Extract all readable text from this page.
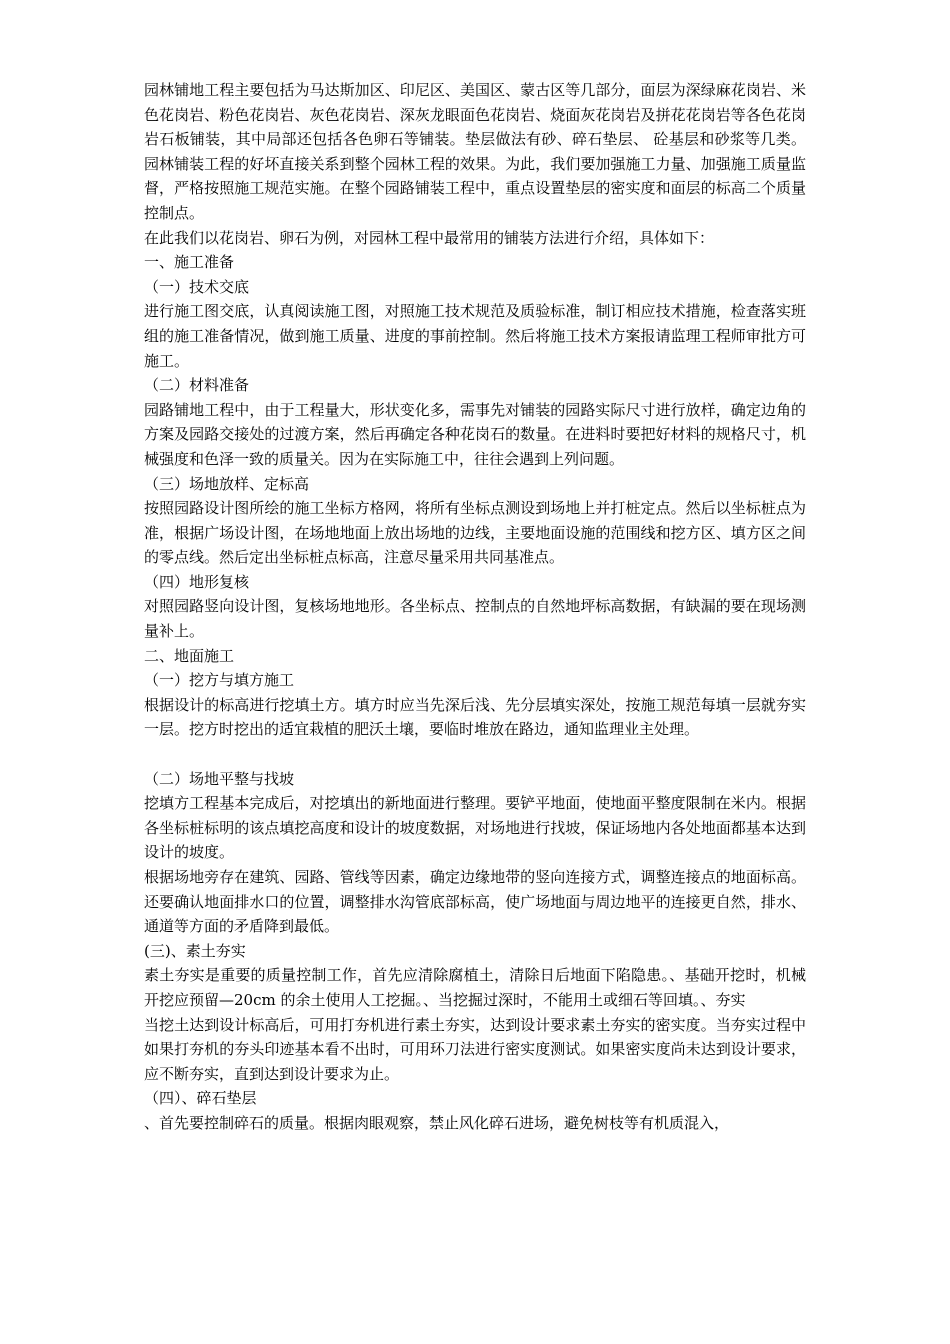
园林铺地工程主要包括为马达斯加区、印尼区、美国区、蒙古区等几部分，面层为深绿麻花岗岩、米色花岗岩、粉色花岗岩、灰色花岗岩、深灰龙眼面色花岗岩、烧面灰花岗岩及拼花花岗岩等各色花岗岩石板铺装，其中局部还包括各色卵石等铺装。垫层做法有砂、碎石垫层、 砼基层和砂浆等几类。园林铺装工程的好坏直接关系到整个园林工程的效果。为此，我们要加强施工力量、加强施工质量监督，严格按照施工规范实施。在整个园路铺装工程中，重点设置垫层的密实度和面层的标高二个质量控制点。

在此我们以花岗岩、卵石为例，对园林工程中最常用的铺装方法进行介绍，具体如下：

一、施工准备

（一）技术交底

进行施工图交底，认真阅读施工图，对照施工技术规范及质验标准，制订相应技术措施，检查落实班组的施工准备情况，做到施工质量、进度的事前控制。然后将施工技术方案报请监理工程师审批方可施工。

（二）材料准备

园路铺地工程中，由于工程量大，形状变化多，需事先对铺装的园路实际尺寸进行放样，确定边角的方案及园路交接处的过渡方案，然后再确定各种花岗石的数量。在进料时要把好材料的规格尺寸，机械强度和色泽一致的质量关。因为在实际施工中，往往会遇到上列问题。

（三）场地放样、定标高

按照园路设计图所绘的施工坐标方格网，将所有坐标点测设到场地上并打桩定点。然后以坐标桩点为准，根据广场设计图，在场地地面上放出场地的边线，主要地面设施的范围线和挖方区、填方区之间的零点线。然后定出坐标桩点标高，注意尽量采用共同基准点。

（四）地形复核

对照园路竖向设计图，复核场地地形。各坐标点、控制点的自然地坪标高数据，有缺漏的要在现场测量补上。

二、地面施工

（一）挖方与填方施工

根据设计的标高进行挖填土方。填方时应当先深后浅、先分层填实深处，按施工规范每填一层就夯实一层。挖方时挖出的适宜栽植的肥沃土壤，要临时堆放在路边，通知监理业主处理。

（二）场地平整与找坡

挖填方工程基本完成后，对挖填出的新地面进行整理。要铲平地面，使地面平整度限制在米内。根据各坐标桩标明的该点填挖高度和设计的坡度数据，对场地进行找坡，保证场地内各处地面都基本达到设计的坡度。

根据场地旁存在建筑、园路、管线等因素，确定边缘地带的竖向连接方式，调整连接点的地面标高。还要确认地面排水口的位置，调整排水沟管底部标高，使广场地面与周边地平的连接更自然，排水、通道等方面的矛盾降到最低。

(三)、素土夯实

素土夯实是重要的质量控制工作，首先应清除腐植土，清除日后地面下陷隐患。、基础开挖时，机械开挖应预留—20cm 的余土使用人工挖掘。、当挖掘过深时，不能用土或细石等回填。、夯实

当挖土达到设计标高后，可用打夯机进行素土夯实，达到设计要求素土夯实的密实度。当夯实过程中如果打夯机的夯头印迹基本看不出时，可用环刀法进行密实度测试。如果密实度尚未达到设计要求，应不断夯实，直到达到设计要求为止。

（四）、碎石垫层

、首先要控制碎石的质量。根据肉眼观察，禁止风化碎石进场，避免树枝等有机质混入，
